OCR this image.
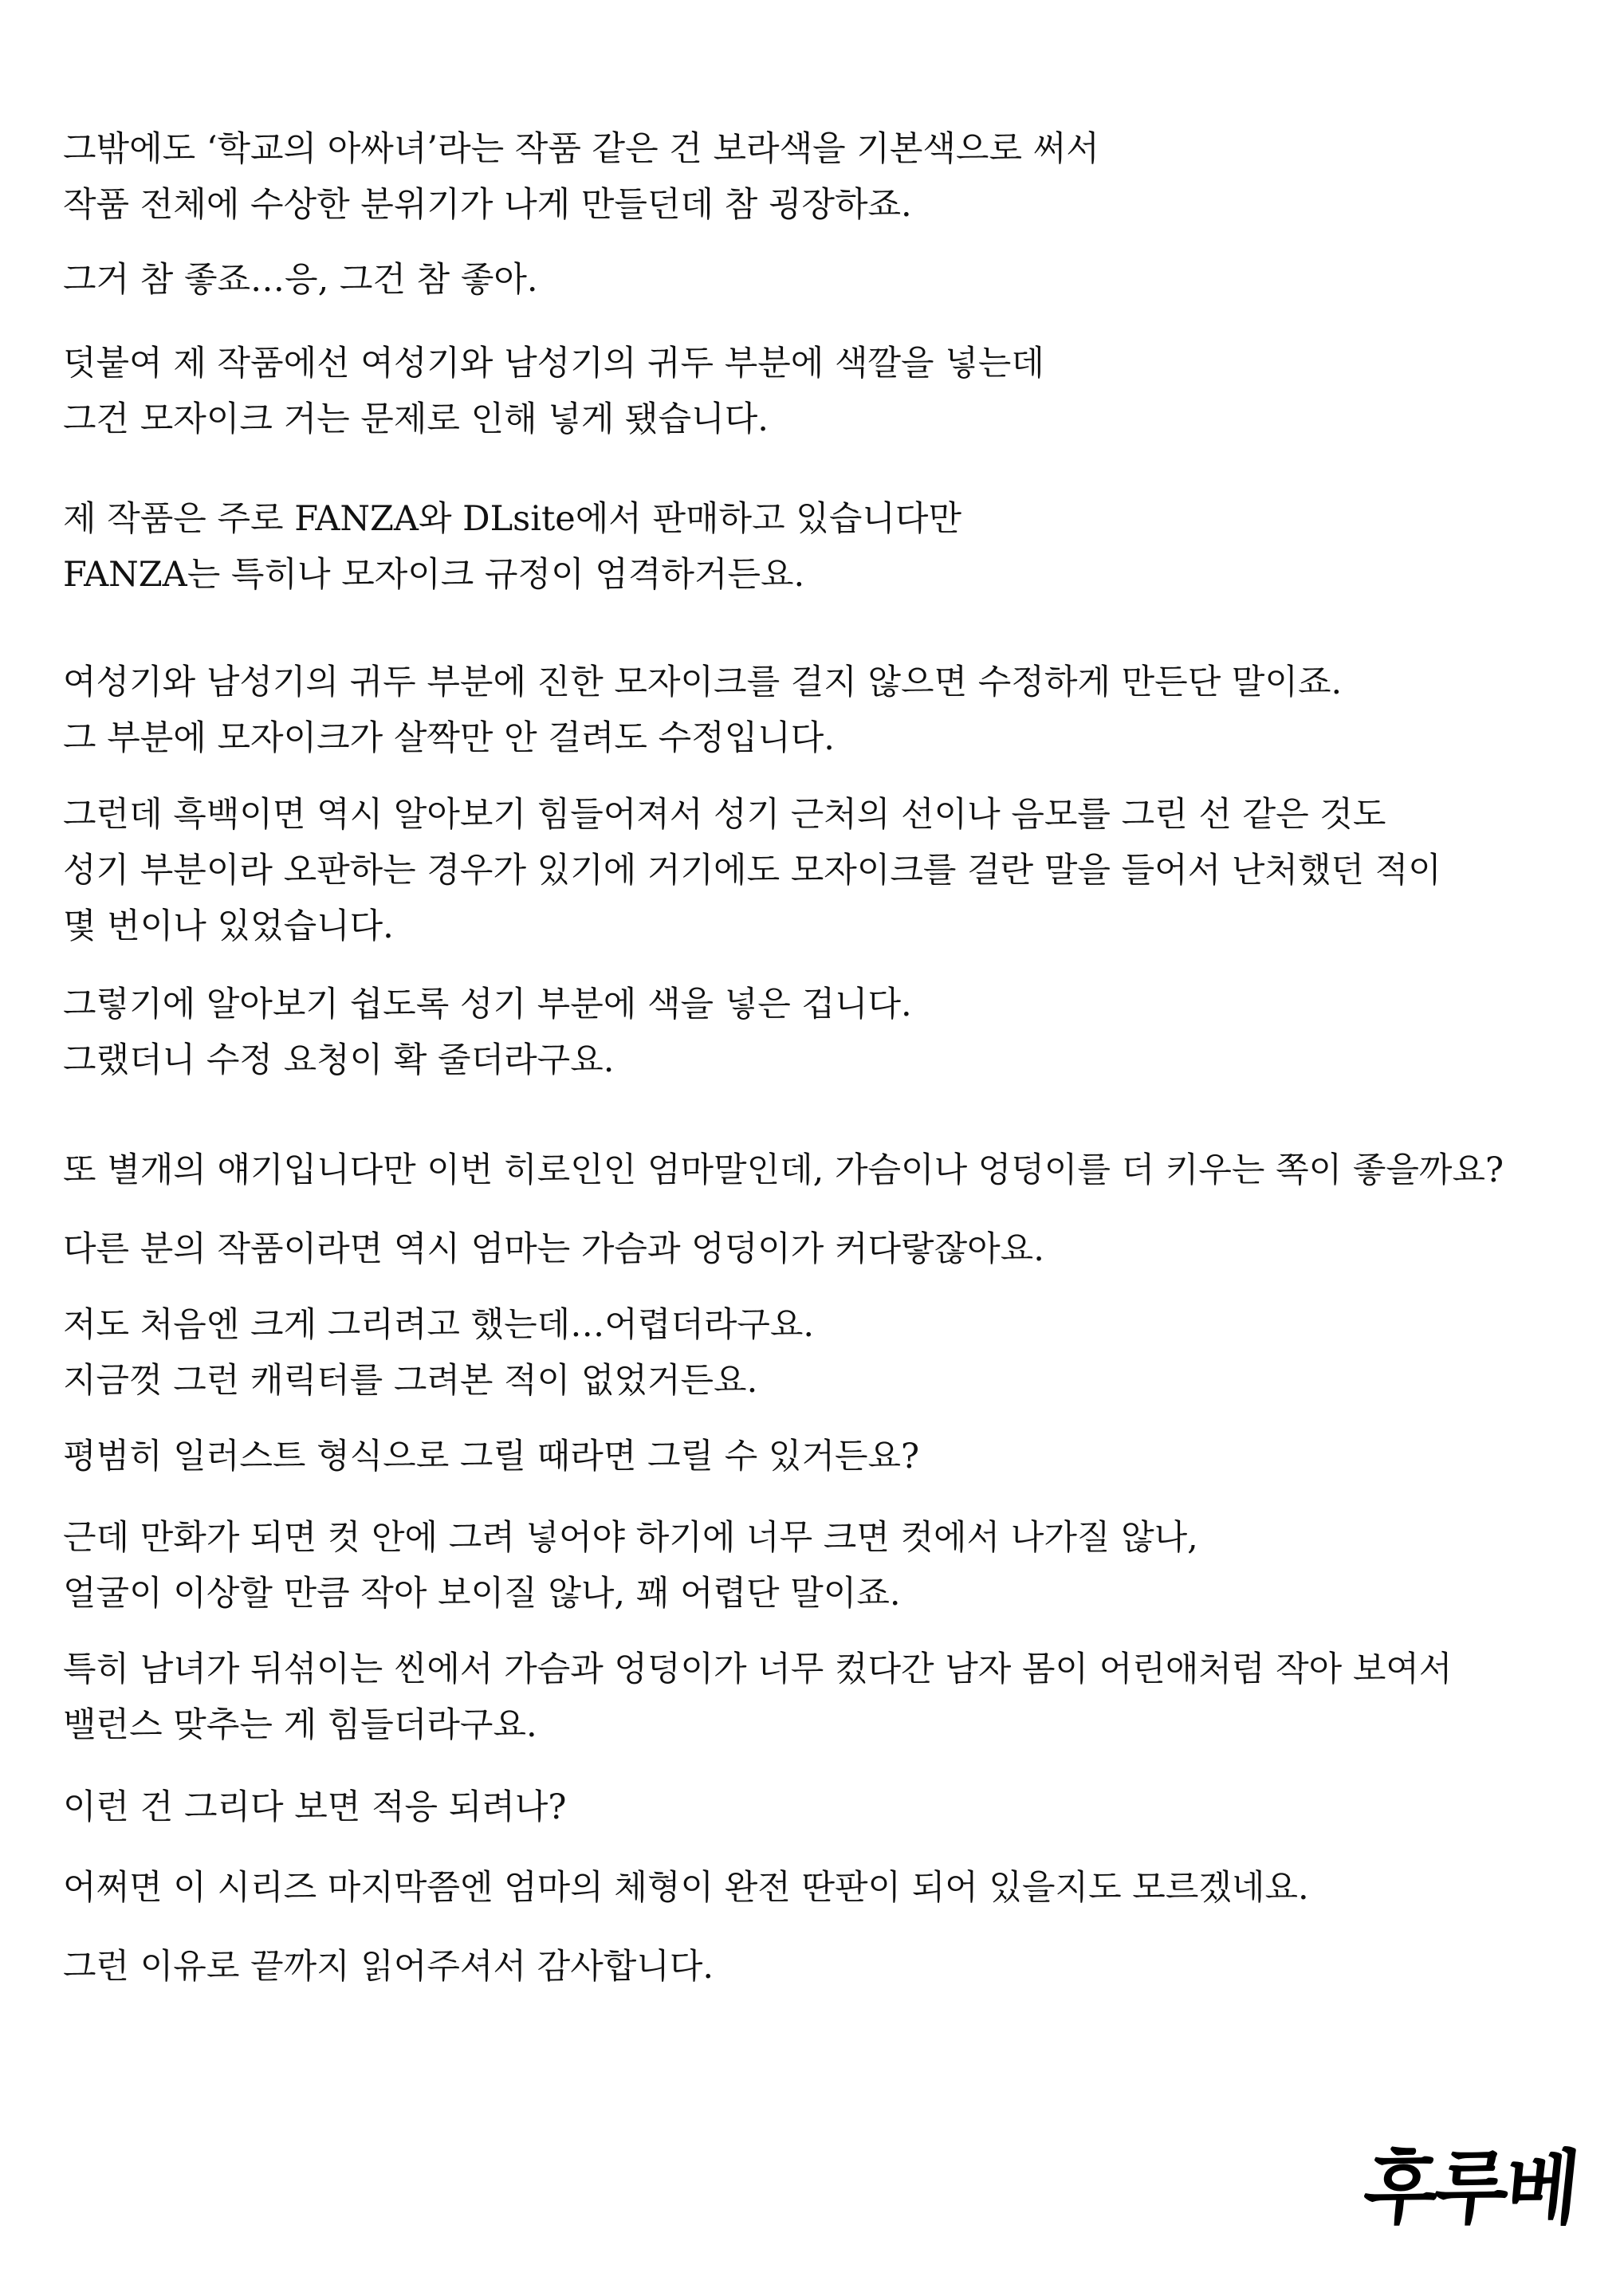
그밖에도 ‘학교의 아싸녀’라는 작품 같은 건 보라색을 기본색으로 써서
작품 전체에 수상한 분위기가 나게 만들던데 참 굉장하죠.
그거 참 좋죠…응, 그건 참 좋아.
덧붙여 제 작품에선 여성기와 남성기의 귀두 부분에 색깔을 넣는데
그건 모자이크 거는 문제로 인해 넣게 됐습니다.
제 작품은 주로 FANZA와 DLsite에서 판매하고 있습니다만
FANZA는 특히나 모자이크 규정이 엄격하거든요.
여성기와 남성기의 귀두 부분에 진한 모자이크를 걸지 않으면 수정하게 만든단 말이죠.
그 부분에 모자이크가 살짝만 안 걸려도 수정입니다.
그런데 흑백이면 역시 알아보기 힘들어져서 성기 근처의 선이나 음모를 그린 선 같은 것도
성기 부분이라 오판하는 경우가 있기에 거기에도 모자이크를 걸란 말을 들어서 난처했던 적이
몇 번이나 있었습니다.
그렇기에 알아보기 쉽도록 성기 부분에 색을 넣은 겁니다.
그랬더니 수정 요청이 확 줄더라구요.
또 별개의 얘기입니다만 이번 히로인인 엄마말인데, 가슴이나 엉덩이를 더 키우는 쪽이 좋을까요?
다른 분의 작품이라면 역시 엄마는 가슴과 엉덩이가 커다랗잖아요.
저도 처음엔 크게 그리려고 했는데…어렵더라구요.
지금껏 그런 캐릭터를 그려본 적이 없었거든요.
평범히 일러스트 형식으로 그릴 때라면 그릴 수 있거든요?
근데 만화가 되면 컷 안에 그려 넣어야 하기에 너무 크면 컷에서 나가질 않나,
얼굴이 이상할 만큼 작아 보이질 않나, 꽤 어렵단 말이죠.
특히 남녀가 뒤섞이는 씬에서 가슴과 엉덩이가 너무 컸다간 남자 몸이 어린애처럼 작아 보여서
밸런스 맞추는 게 힘들더라구요.
이런 건 그리다 보면 적응 되려나?
어쩌면 이 시리즈 마지막쯤엔 엄마의 체형이 완전 딴판이 되어 있을지도 모르겠네요.
그런 이유로 끝까지 읽어주셔서 감사합니다.
후루베
